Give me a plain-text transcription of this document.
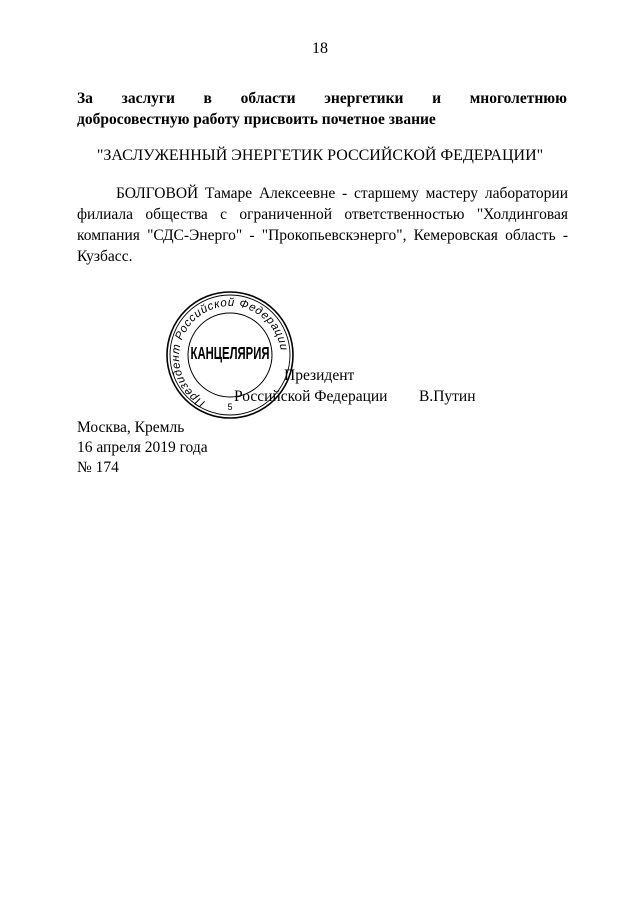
18
За заслуги в области энергетики и многолетнюю
добросовестную работу присвоить почетное звание
"ЗАСЛУЖЕННЫЙ ЭНЕРГЕТИК РОССИЙСКОЙ ФЕДЕРАЦИИ"
БОЛГОВОЙ Тамаре Алексеевне - старшему мастеру лаборатории филиала общества с ограниченной ответственностью "Холдинговая компания "СДС-Энерго" - "Прокопьевскэнерго", Кемеровская область - Кузбасс.
Президент Российской Федерации
5
КАНЦЕЛЯРИЯ
Президент
Российской Федерации В.Путин
Москва, Кремль
16 апреля 2019 года
№ 174
